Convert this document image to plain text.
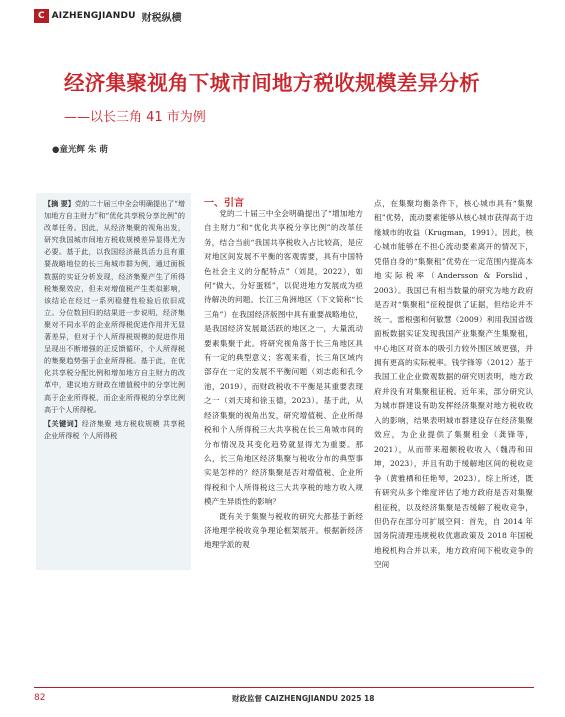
C AIZHENGJIANDU 财税纵横
经济集聚视角下城市间地方税收规模差异分析
——以长三角 41 市为例
●童光辉 朱 萌
【摘 要】党的二十届三中全会明确提出了“增加地方自主财力”和“优化共享税分享比例”的改革任务。因此，从经济集聚的视角出发，研究我国城市间地方税收规模差异显得尤为必要。基于此，以我国经济最具活力且有重要战略地位的长三角城市群为例，通过面板数据的实证分析发现，经济集聚产生了所得税集聚效应，但未对增值税产生类似影响，该结论在经过一系列稳健性检验后依旧成立。分位数回归的结果进一步说明，经济集聚对不同水平的企业所得税促进作用并无显著差异，但对于个人所得税规模的促进作用呈现出不断增强的正反馈循环，个人所得税的集聚趋势强于企业所得税。基于此，在优化共享税分配比例和增加地方自主财力的改革中，建议地方财政在增值税中的分享比例高于企业所得税，而企业所得税的分享比例高于个人所得税。
【关键词】经济集聚 地方税收规模 共享税 企业所得税 个人所得税
一、引言

党的二十届三中全会明确提出了“增加地方自主财力”和“优化共享税分享比例”的改革任务，结合当前“我国共享税收入占比较高，是应对地区间发展不平衡的客观需要，具有中国特色社会主义的分配特点”（刘昆，2022），如何“做大、分好蛋糕”，以促进地方发展成为亟待解决的问题。长江三角洲地区（下文简称“长三角”）在我国经济版图中具有重要战略地位，是我国经济发展最活跃的地区之一，大量流动要素集聚于此。将研究视角落于长三角地区具有一定的典型意义；客观来看，长三角区域内部存在一定的发展不平衡问题（刘志彪和孔令池，2019），而财政税收不平衡是其重要表现之一（刘天琦和徐玉德，2023）。基于此，从经济集聚的视角出发，研究增值税、企业所得税和个人所得税三大共享税在长三角城市间的分布情况及其变化趋势就显得尤为重要。那么，长三角地区经济集聚与税收分布的典型事实是怎样的？经济集聚是否对增值税、企业所得税和个人所得税这三大共享税的地方收入规模产生异质性的影响？

既有关于集聚与税收的研究大都基于新经济地理学税收竞争理论框架展开。根据新经济地理学派的观

点，在集聚均衡条件下，核心城市具有“集聚租”优势，流动要素能够从核心城市获得高于边缘城市的收益（Krugman，1991）。因此，核心城市能够在不担心流动要素离开的情况下，凭借自身的“集聚租”优势在一定范围内提高本地实际税率（Andersson & Forslid，2003）。我国已有相当数量的研究为地方政府是否对“集聚租”征税提供了证据，但结论并不统一。雷根强和何敏慧（2009）利用我国省级面板数据实证发现我国产业集聚产生集聚租，中心地区对资本的吸引力较外围区域更强，并拥有更高的实际税率。钱学锋等（2012）基于我国工业企业微观数据的研究则表明，地方政府并没有对集聚租征税。近年来，部分研究认为城市群建设有助发挥经济集聚对地方税收收入的影响，结果表明城市群建设存在经济集聚效应，为企业提供了集聚租金（龚锋等，2021），从而带来超额税收收入（魏涛和田坤，2023），并且有助于缓解地区间的税收竞争（黄雅栖和任艳琴，2023）。综上所述，既有研究从多个维度评估了地方政府是否对集聚租征税，以及经济集聚是否缓解了税收竞争，但仍存在部分可扩展空间：首先，自 2014 年国务院清理违规税收优惠政策及 2018 年国税地税机构合并以来，地方政府间下税收竞争的空间

82	财政监督 CAIZHENGJIANDU 2025 18
